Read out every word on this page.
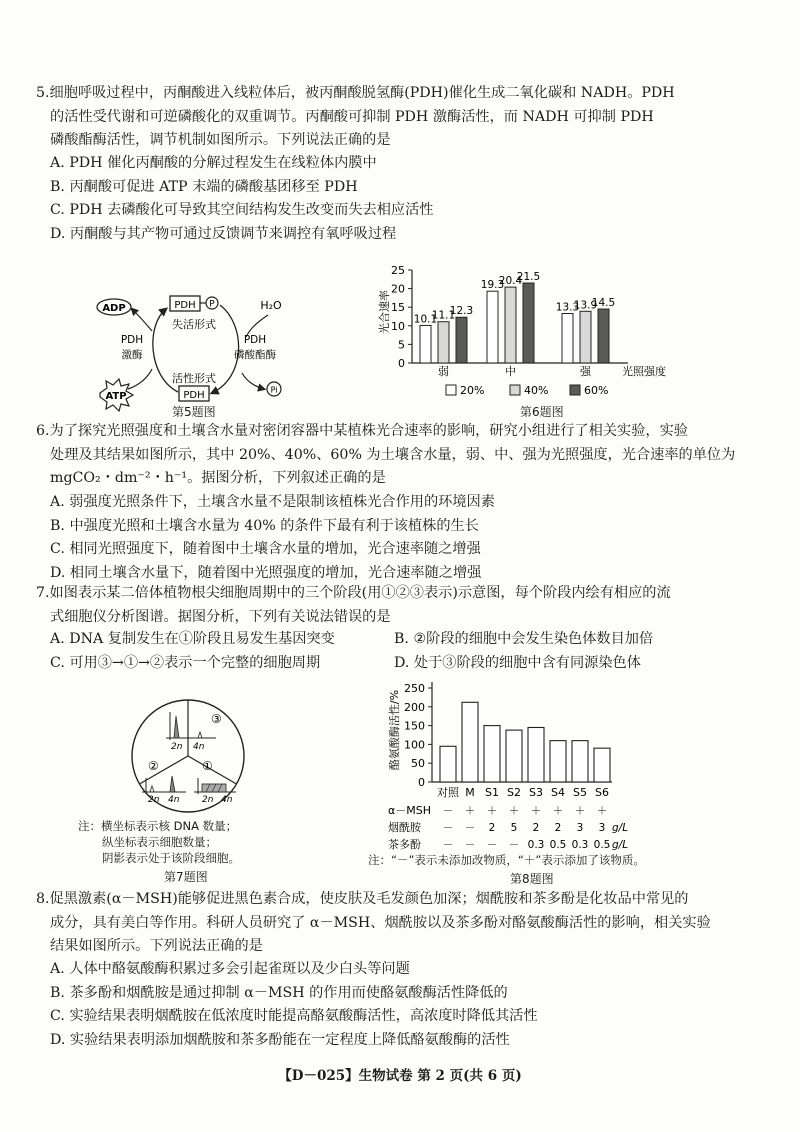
5.细胞呼吸过程中，丙酮酸进入线粒体后，被丙酮酸脱氢酶(PDH)催化生成二氧化碳和 NADH。PDH
的活性受代谢和可逆磷酸化的双重调节。丙酮酸可抑制 PDH 激酶活性，而 NADH 可抑制 PDH
磷酸酯酶活性，调节机制如图所示。下列说法正确的是
A. PDH 催化丙酮酸的分解过程发生在线粒体内膜中
B. 丙酮酸可促进 ATP 末端的磷酸基团移至 PDH
C. PDH 去磷酸化可导致其空间结构发生改变而失去相应活性
D. 丙酮酸与其产物可通过反馈调节来调控有氧呼吸过程
ADP
ATP
PDH P	H₂O
失活形式
PDH
激酶
PDH
磷酸酯酶
活性形式
PDH	Pi
第5题图
光合速率
0
5
10
15
20
25
10.1
11.1
12.3
19.3
20.4
21.5
13.3
13.9
14.5
弱	中	强	光照强度
20%	40%	60%
第6题图
6.为了探究光照强度和土壤含水量对密闭容器中某植株光合速率的影响，研究小组进行了相关实验，实验
处理及其结果如图所示，其中 20%、40%、60% 为土壤含水量，弱、中、强为光照强度，光合速率的单位为
mgCO₂・dm⁻²・h⁻¹。据图分析，下列叙述正确的是
A. 弱强度光照条件下，土壤含水量不是限制该植株光合作用的环境因素
B. 中强度光照和土壤含水量为 40% 的条件下最有利于该植株的生长
C. 相同光照强度下，随着图中土壤含水量的增加，光合速率随之增强
D. 相同土壤含水量下，随着图中光照强度的增加，光合速率随之增强
7.如图表示某二倍体植物根尖细胞周期中的三个阶段(用①②③表示)示意图，每个阶段内绘有相应的流
式细胞仪分析图谱。据图分析，下列有关说法错误的是
A. DNA 复制发生在①阶段且易发生基因突变
C. 可用③→①→②表示一个完整的细胞周期
B. ②阶段的细胞中会发生染色体数目加倍
D. 处于③阶段的细胞中含有同源染色体
③
2n 4n
②
2n 4n
①
2n 4n
注：横坐标表示核 DNA 数量；
纵坐标表示细胞数量；
阴影表示处于该阶段细胞。
第7题图
酪氨酸酶活性/%
0
50
100
150
200
250
对照 M S1 S2 S3 S4 S5 S6
α－MSH － ＋ ＋ ＋ ＋ ＋ ＋ ＋
烟酰胺 － － 2 5 2 2 3 3 g/L
茶多酚 － － － － 0.3 0.5 0.3 0.5 g/L
注：“－”表示未添加改物质，“＋”表示添加了该物质。
第8题图
8.促黑激素(α－MSH)能够促进黑色素合成，使皮肤及毛发颜色加深；烟酰胺和茶多酚是化妆品中常见的
成分，具有美白等作用。科研人员研究了 α－MSH、烟酰胺以及茶多酚对酪氨酸酶活性的影响，相关实验
结果如图所示。下列说法正确的是
A. 人体中酪氨酸酶积累过多会引起雀斑以及少白头等问题
B. 茶多酚和烟酰胺是通过抑制 α－MSH 的作用而使酪氨酸酶活性降低的
C. 实验结果表明烟酰胺在低浓度时能提高酪氨酸酶活性，高浓度时降低其活性
D. 实验结果表明添加烟酰胺和茶多酚能在一定程度上降低酪氨酸酶的活性
【D－025】生物试卷 第 2 页(共 6 页)
